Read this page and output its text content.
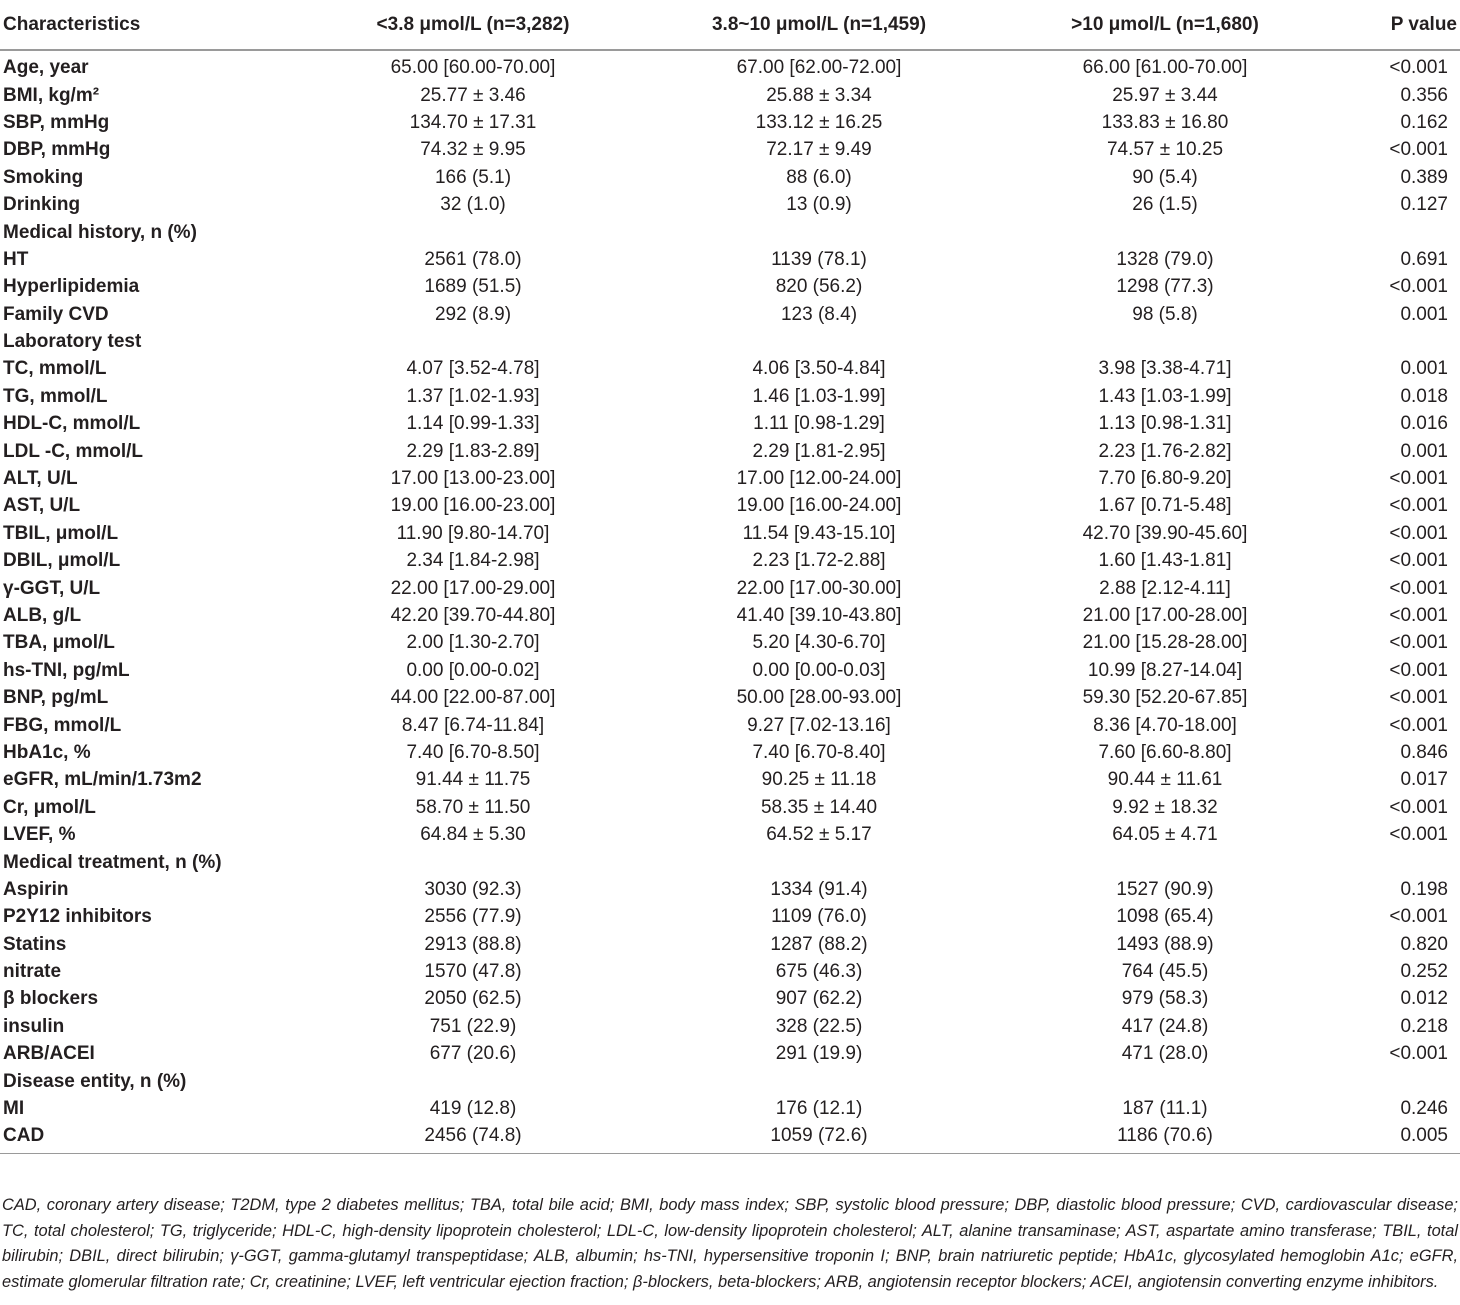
Characteristics	<3.8 μmol/L (n=3,282)	3.8~10 μmol/L (n=1,459)	>10 μmol/L (n=1,680)	P value
Age, year	65.00 [60.00-70.00]	67.00 [62.00-72.00]	66.00 [61.00-70.00]	<0.001
BMI, kg/m²	25.77 ± 3.46	25.88 ± 3.34	25.97 ± 3.44	0.356
SBP, mmHg	134.70 ± 17.31	133.12 ± 16.25	133.83 ± 16.80	0.162
DBP, mmHg	74.32 ± 9.95	72.17 ± 9.49	74.57 ± 10.25	<0.001
Smoking	166 (5.1)	88 (6.0)	90 (5.4)	0.389
Drinking	32 (1.0)	13 (0.9)	26 (1.5)	0.127
Medical history, n (%)				
HT	2561 (78.0)	1139 (78.1)	1328 (79.0)	0.691
Hyperlipidemia	1689 (51.5)	820 (56.2)	1298 (77.3)	<0.001
Family CVD	292 (8.9)	123 (8.4)	98 (5.8)	0.001
Laboratory test				
TC, mmol/L	4.07 [3.52-4.78]	4.06 [3.50-4.84]	3.98 [3.38-4.71]	0.001
TG, mmol/L	1.37 [1.02-1.93]	1.46 [1.03-1.99]	1.43 [1.03-1.99]	0.018
HDL-C, mmol/L	1.14 [0.99-1.33]	1.11 [0.98-1.29]	1.13 [0.98-1.31]	0.016
LDL -C, mmol/L	2.29 [1.83-2.89]	2.29 [1.81-2.95]	2.23 [1.76-2.82]	0.001
ALT, U/L	17.00 [13.00-23.00]	17.00 [12.00-24.00]	7.70 [6.80-9.20]	<0.001
AST, U/L	19.00 [16.00-23.00]	19.00 [16.00-24.00]	1.67 [0.71-5.48]	<0.001
TBIL, μmol/L	11.90 [9.80-14.70]	11.54 [9.43-15.10]	42.70 [39.90-45.60]	<0.001
DBIL, μmol/L	2.34 [1.84-2.98]	2.23 [1.72-2.88]	1.60 [1.43-1.81]	<0.001
γ-GGT, U/L	22.00 [17.00-29.00]	22.00 [17.00-30.00]	2.88 [2.12-4.11]	<0.001
ALB, g/L	42.20 [39.70-44.80]	41.40 [39.10-43.80]	21.00 [17.00-28.00]	<0.001
TBA, μmol/L	2.00 [1.30-2.70]	5.20 [4.30-6.70]	21.00 [15.28-28.00]	<0.001
hs-TNI, pg/mL	0.00 [0.00-0.02]	0.00 [0.00-0.03]	10.99 [8.27-14.04]	<0.001
BNP, pg/mL	44.00 [22.00-87.00]	50.00 [28.00-93.00]	59.30 [52.20-67.85]	<0.001
FBG, mmol/L	8.47 [6.74-11.84]	9.27 [7.02-13.16]	8.36 [4.70-18.00]	<0.001
HbA1c, %	7.40 [6.70-8.50]	7.40 [6.70-8.40]	7.60 [6.60-8.80]	0.846
eGFR, mL/min/1.73m2	91.44 ± 11.75	90.25 ± 11.18	90.44 ± 11.61	0.017
Cr, μmol/L	58.70 ± 11.50	58.35 ± 14.40	9.92 ± 18.32	<0.001
LVEF, %	64.84 ± 5.30	64.52 ± 5.17	64.05 ± 4.71	<0.001
Medical treatment, n (%)				
Aspirin	3030 (92.3)	1334 (91.4)	1527 (90.9)	0.198
P2Y12 inhibitors	2556 (77.9)	1109 (76.0)	1098 (65.4)	<0.001
Statins	2913 (88.8)	1287 (88.2)	1493 (88.9)	0.820
nitrate	1570 (47.8)	675 (46.3)	764 (45.5)	0.252
β blockers	2050 (62.5)	907 (62.2)	979 (58.3)	0.012
insulin	751 (22.9)	328 (22.5)	417 (24.8)	0.218
ARB/ACEI	677 (20.6)	291 (19.9)	471 (28.0)	<0.001
Disease entity, n (%)				
MI	419 (12.8)	176 (12.1)	187 (11.1)	0.246
CAD	2456 (74.8)	1059 (72.6)	1186 (70.6)	0.005

CAD, coronary artery disease; T2DM, type 2 diabetes mellitus; TBA, total bile acid; BMI, body mass index; SBP, systolic blood pressure; DBP, diastolic blood pressure; CVD, cardiovascular disease; TC, total cholesterol; TG, triglyceride; HDL-C, high-density lipoprotein cholesterol; LDL-C, low-density lipoprotein cholesterol; ALT, alanine transaminase; AST, aspartate amino transferase; TBIL, total bilirubin; DBIL, direct bilirubin; γ-GGT, gamma-glutamyl transpeptidase; ALB, albumin; hs-TNI, hypersensitive troponin I; BNP, brain natriuretic peptide; HbA1c, glycosylated hemoglobin A1c; eGFR, estimate glomerular filtration rate; Cr, creatinine; LVEF, left ventricular ejection fraction; β-blockers, beta-blockers; ARB, angiotensin receptor blockers; ACEI, angiotensin converting enzyme inhibitors.
